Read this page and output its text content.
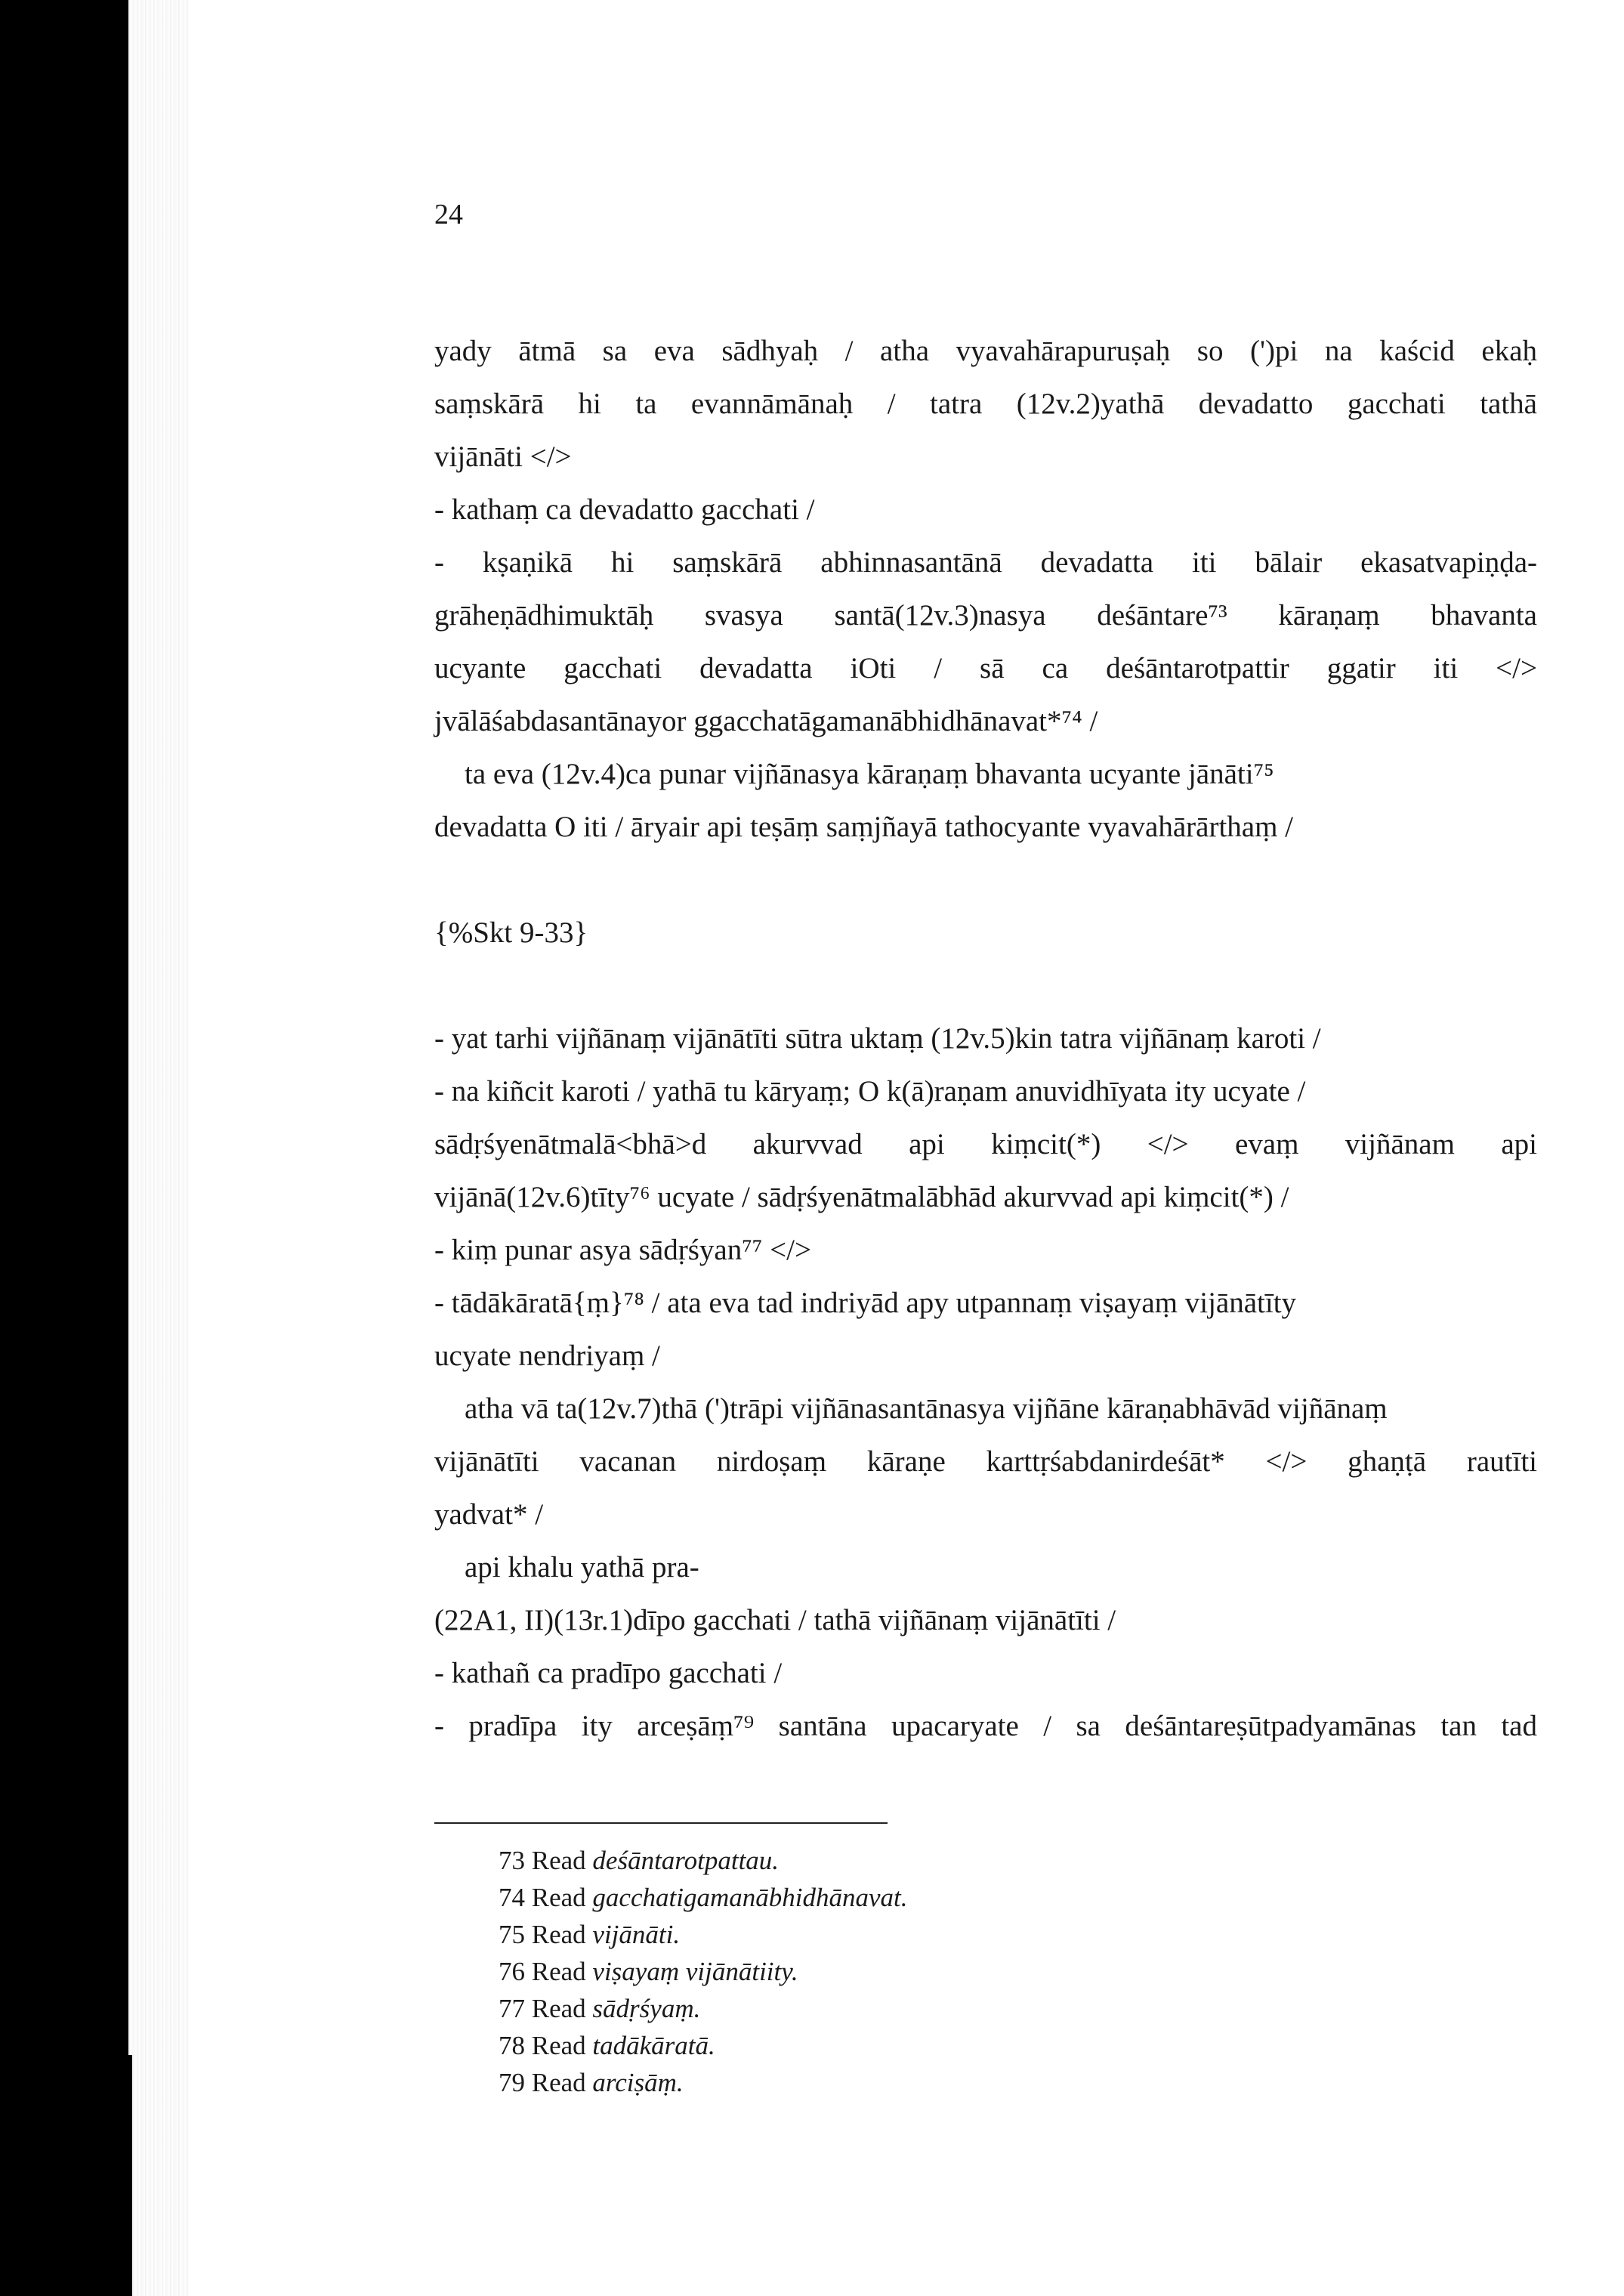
24
yady ātmā sa eva sādhyaḥ / atha vyavahārapuruṣaḥ so (')pi na kaścid ekaḥ
saṃskārā hi ta evannāmānaḥ / tatra (12v.2)yathā devadatto gacchati tathā
vijānāti </>
- kathaṃ ca devadatto gacchati /
- kṣaṇikā hi saṃskārā abhinnasantānā devadatta iti bālair ekasatvapiṇḍa-
grāheṇādhimuktāḥ svasya santā(12v.3)nasya deśāntare⁷³ kāraṇaṃ bhavanta
ucyante gacchati devadatta iOti / sā ca deśāntarotpattir ggatir iti </>
jvālāśabdasantānayor ggacchatāgamanābhidhānavat*⁷⁴ /
ta eva (12v.4)ca punar vijñānasya kāraṇaṃ bhavanta ucyante jānāti⁷⁵
devadatta O iti / āryair api teṣāṃ saṃjñayā tathocyante vyavahārārthaṃ /
{%Skt 9-33}
- yat tarhi vijñānaṃ vijānātīti sūtra uktaṃ (12v.5)kin tatra vijñānaṃ karoti /
- na kiñcit karoti / yathā tu kāryaṃ; O k(ā)raṇam anuvidhīyata ity ucyate /
sādṛśyenātmalā<bhā>d akurvvad api kiṃcit(*) </> evaṃ vijñānam api
vijānā(12v.6)tīty⁷⁶ ucyate / sādṛśyenātmalābhād akurvvad api kiṃcit(*) /
- kiṃ punar asya sādṛśyan⁷⁷ </>
- tādākāratā{ṃ}⁷⁸ / ata eva tad indriyād apy utpannaṃ viṣayaṃ vijānātīty
ucyate nendriyaṃ /
atha vā ta(12v.7)thā (')trāpi vijñānasantānasya vijñāne kāraṇabhāvād vijñānaṃ
vijānātīti vacanan nirdoṣaṃ kāraṇe karttṛśabdanirdeśāt* </> ghaṇṭā rautīti
yadvat* /
api khalu yathā pra-
(22A1, II)(13r.1)dīpo gacchati / tathā vijñānaṃ vijānātīti /
- kathañ ca pradīpo gacchati /
- pradīpa ity arceṣāṃ⁷⁹ santāna upacaryate / sa deśāntareṣūtpadyamānas tan tad
73 Read deśāntarotpattau.
74 Read gacchatigamanābhidhānavat.
75 Read vijānāti.
76 Read viṣayaṃ vijānātiity.
77 Read sādṛśyaṃ.
78 Read tadākāratā.
79 Read arciṣāṃ.
